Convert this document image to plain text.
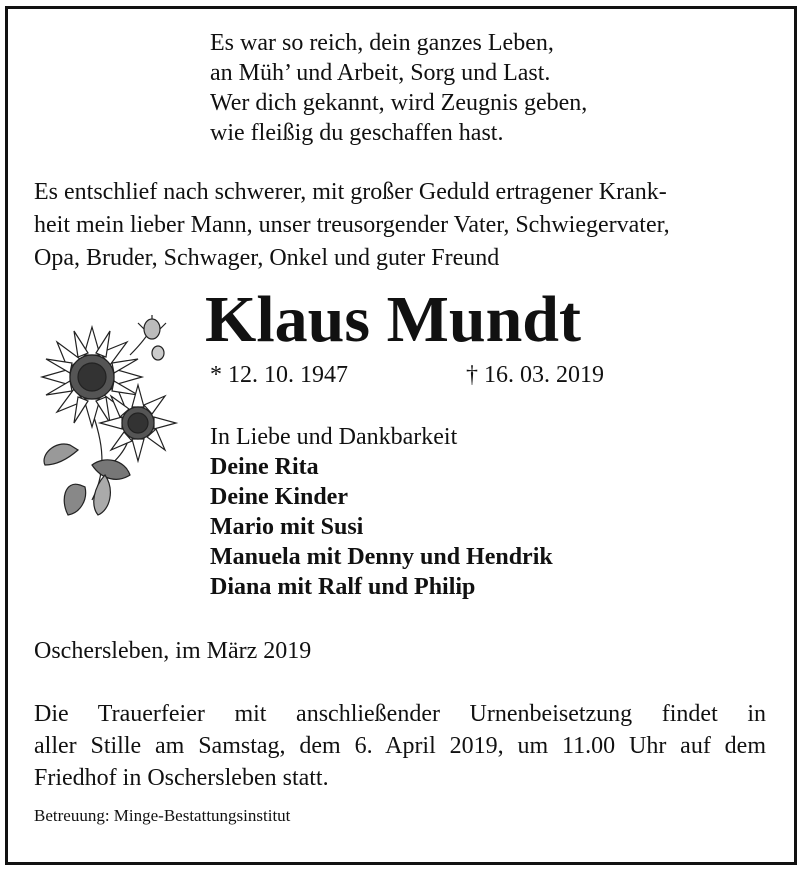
Es war so reich, dein ganzes Leben,
an Müh’ und Arbeit, Sorg und Last.
Wer dich gekannt, wird Zeugnis geben,
wie fleißig du geschaffen hast.
Es entschlief nach schwerer, mit großer Geduld ertragener Krank-
heit mein lieber Mann, unser treusorgender Vater, Schwiegervater,
Opa, Bruder, Schwager, Onkel und guter Freund
Klaus Mundt
* 12. 10. 1947	† 16. 03. 2019
In Liebe und Dankbarkeit
Deine Rita
Deine Kinder
Mario mit Susi
Manuela mit Denny und Hendrik
Diana mit Ralf und Philip
Oschersleben, im März 2019
Die Trauerfeier mit anschließender Urnenbeisetzung findet in
aller Stille am Samstag, dem 6. April 2019, um 11.00 Uhr auf dem
Friedhof in Oschersleben statt.
Betreuung: Minge-Bestattungsinstitut
